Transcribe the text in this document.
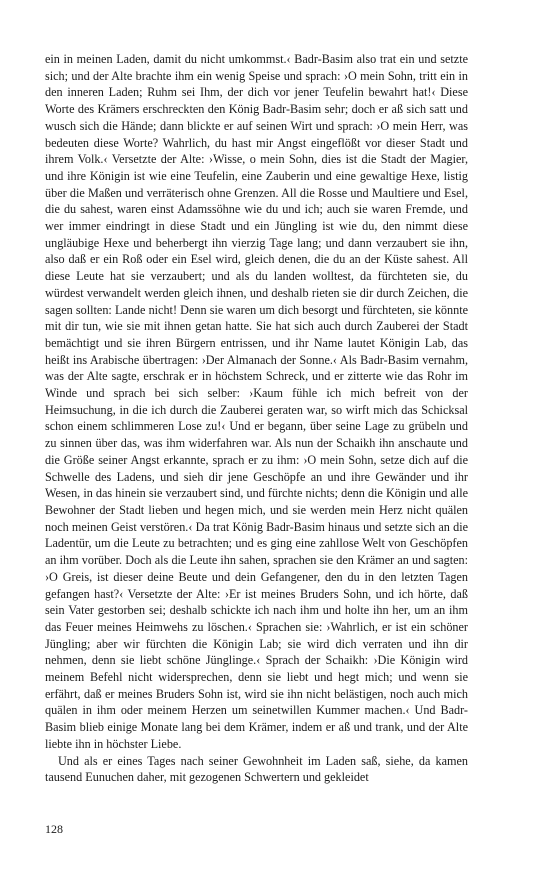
ein in meinen Laden, damit du nicht umkommst.‹ Badr-Basim also trat ein und setzte sich; und der Alte brachte ihm ein wenig Speise und sprach: ›O mein Sohn, tritt ein in den inneren Laden; Ruhm sei Ihm, der dich vor jener Teufelin bewahrt hat!‹ Diese Worte des Krämers erschreckten den König Badr-Basim sehr; doch er aß sich satt und wusch sich die Hände; dann blickte er auf seinen Wirt und sprach: ›O mein Herr, was bedeuten diese Worte? Wahrlich, du hast mir Angst eingeflößt vor dieser Stadt und ihrem Volk.‹ Versetzte der Alte: ›Wisse, o mein Sohn, dies ist die Stadt der Magier, und ihre Königin ist wie eine Teufelin, eine Zauberin und eine gewaltige Hexe, listig über die Maßen und verräterisch ohne Grenzen. All die Rosse und Maultiere und Esel, die du sahest, waren einst Adamssöhne wie du und ich; auch sie waren Fremde, und wer immer eindringt in diese Stadt und ein Jüngling ist wie du, den nimmt diese ungläubige Hexe und beherbergt ihn vierzig Tage lang; und dann verzaubert sie ihn, also daß er ein Roß oder ein Esel wird, gleich denen, die du an der Küste sahest. All diese Leute hat sie verzaubert; und als du landen wolltest, da fürchteten sie, du würdest verwandelt werden gleich ihnen, und deshalb rieten sie dir durch Zeichen, die sagen sollten: Lande nicht! Denn sie waren um dich besorgt und fürchteten, sie könnte mit dir tun, wie sie mit ihnen getan hatte. Sie hat sich auch durch Zauberei der Stadt bemächtigt und sie ihren Bürgern entrissen, und ihr Name lautet Königin Lab, das heißt ins Arabische übertragen: ›Der Almanach der Sonne.‹ Als Badr-Basim vernahm, was der Alte sagte, erschrak er in höchstem Schreck, und er zitterte wie das Rohr im Winde und sprach bei sich selber: ›Kaum fühle ich mich befreit von der Heimsuchung, in die ich durch die Zauberei geraten war, so wirft mich das Schicksal schon einem schlimmeren Lose zu!‹ Und er begann, über seine Lage zu grübeln und zu sinnen über das, was ihm widerfahren war. Als nun der Schaikh ihn anschaute und die Größe seiner Angst erkannte, sprach er zu ihm: ›O mein Sohn, setze dich auf die Schwelle des Ladens, und sieh dir jene Geschöpfe an und ihre Gewänder und ihr Wesen, in das hinein sie verzaubert sind, und fürchte nichts; denn die Königin und alle Bewohner der Stadt lieben und hegen mich, und sie werden mein Herz nicht quälen noch meinen Geist verstören.‹ Da trat König Badr-Basim hinaus und setzte sich an die Ladentür, um die Leute zu betrachten; und es ging eine zahllose Welt von Geschöpfen an ihm vorüber. Doch als die Leute ihn sahen, sprachen sie den Krämer an und sagten: ›O Greis, ist dieser deine Beute und dein Gefangener, den du in den letzten Tagen gefangen hast?‹ Versetzte der Alte: ›Er ist meines Bruders Sohn, und ich hörte, daß sein Vater gestorben sei; deshalb schickte ich nach ihm und holte ihn her, um an ihm das Feuer meines Heimwehs zu löschen.‹ Sprachen sie: ›Wahrlich, er ist ein schöner Jüngling; aber wir fürchten die Königin Lab; sie wird dich verraten und ihn dir nehmen, denn sie liebt schöne Jünglinge.‹ Sprach der Schaikh: ›Die Königin wird meinem Befehl nicht widersprechen, denn sie liebt und hegt mich; und wenn sie erfährt, daß er meines Bruders Sohn ist, wird sie ihn nicht belästigen, noch auch mich quälen in ihm oder meinem Herzen um seinetwillen Kummer machen.‹ Und Badr-Basim blieb einige Monate lang bei dem Krämer, indem er aß und trank, und der Alte liebte ihn in höchster Liebe.

Und als er eines Tages nach seiner Gewohnheit im Laden saß, siehe, da kamen tausend Eunuchen daher, mit gezogenen Schwertern und gekleidet

128
